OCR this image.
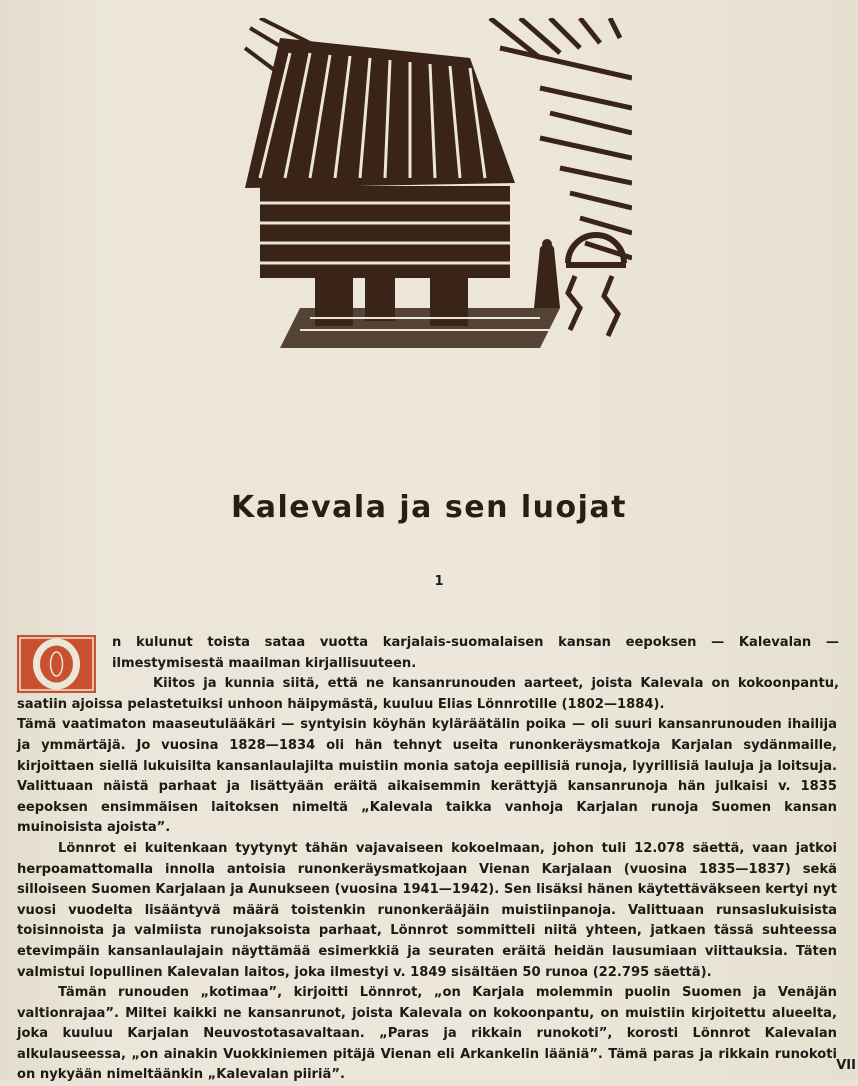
Kalevala ja sen luojat
1

n kulunut toista sataa vuotta karjalais-suomalaisen kansan eepoksen — Kalevalan — ilmestymisestä maailman kirjallisuuteen.

Kiitos ja kunnia siitä, että ne kansanrunouden aarteet, joista Kalevala on kokoonpantu, saatiin ajoissa pelastetuiksi unhoon häipymästä, kuuluu Elias Lönnrotille (1802—1884).

Tämä vaatimaton maaseutulääkäri — syntyisin köyhän kyläräätälin poika — oli suuri kansanrunouden ihailija ja ymmärtäjä. Jo vuosina 1828—1834 oli hän tehnyt useita runonkeräysmatkoja Karjalan sydänmaille, kirjoittaen siellä lukuisilta kansanlaulajilta muistiin monia satoja eepillisiä runoja, lyyrillisiä lauluja ja loitsuja. Valittuaan näistä parhaat ja lisättyään eräitä aikaisemmin kerättyjä kansanrunoja hän julkaisi v. 1835 eepoksen ensimmäisen laitoksen nimeltä „Kalevala taikka vanhoja Karjalan runoja Suomen kansan muinoisista ajoista”.

Lönnrot ei kuitenkaan tyytynyt tähän vajavaiseen kokoelmaan, johon tuli 12.078 säettä, vaan jatkoi herpoamattomalla innolla antoisia runonkeräysmatkojaan Vienan Karjalaan (vuosina 1835—1837) sekä silloiseen Suomen Karjalaan ja Aunukseen (vuosina 1941—1942). Sen lisäksi hänen käytettäväkseen kertyi nyt vuosi vuodelta lisääntyvä määrä toistenkin runonkerääjäin muistiinpanoja. Valittuaan runsaslukuisista toisinnoista ja valmiista runojaksoista parhaat, Lönnrot sommitteli niitä yhteen, jatkaen tässä suhteessa etevimpäin kansanlaulajain näyttämää esimerkkiä ja seuraten eräitä heidän lausumiaan viittauksia. Täten valmistui lopullinen Kalevalan laitos, joka ilmestyi v. 1849 sisältäen 50 runoa (22.795 säettä).

Tämän runouden „kotimaa”, kirjoitti Lönnrot, „on Karjala molemmin puolin Suomen ja Venäjän valtionrajaa”. Miltei kaikki ne kansanrunot, joista Kalevala on kokoonpantu, on muistiin kirjoitettu alueelta, joka kuuluu Karjalan Neuvostotasavaltaan. „Paras ja rikkain runokoti”, korosti Lönnrot Kalevalan alkulauseessa, „on ainakin Vuokkiniemen pitäjä Vienan eli Arkankelin lääniä”. Tämä paras ja rikkain runokoti on nykyään nimeltäänkin „Kalevalan piiriä”.

VII
